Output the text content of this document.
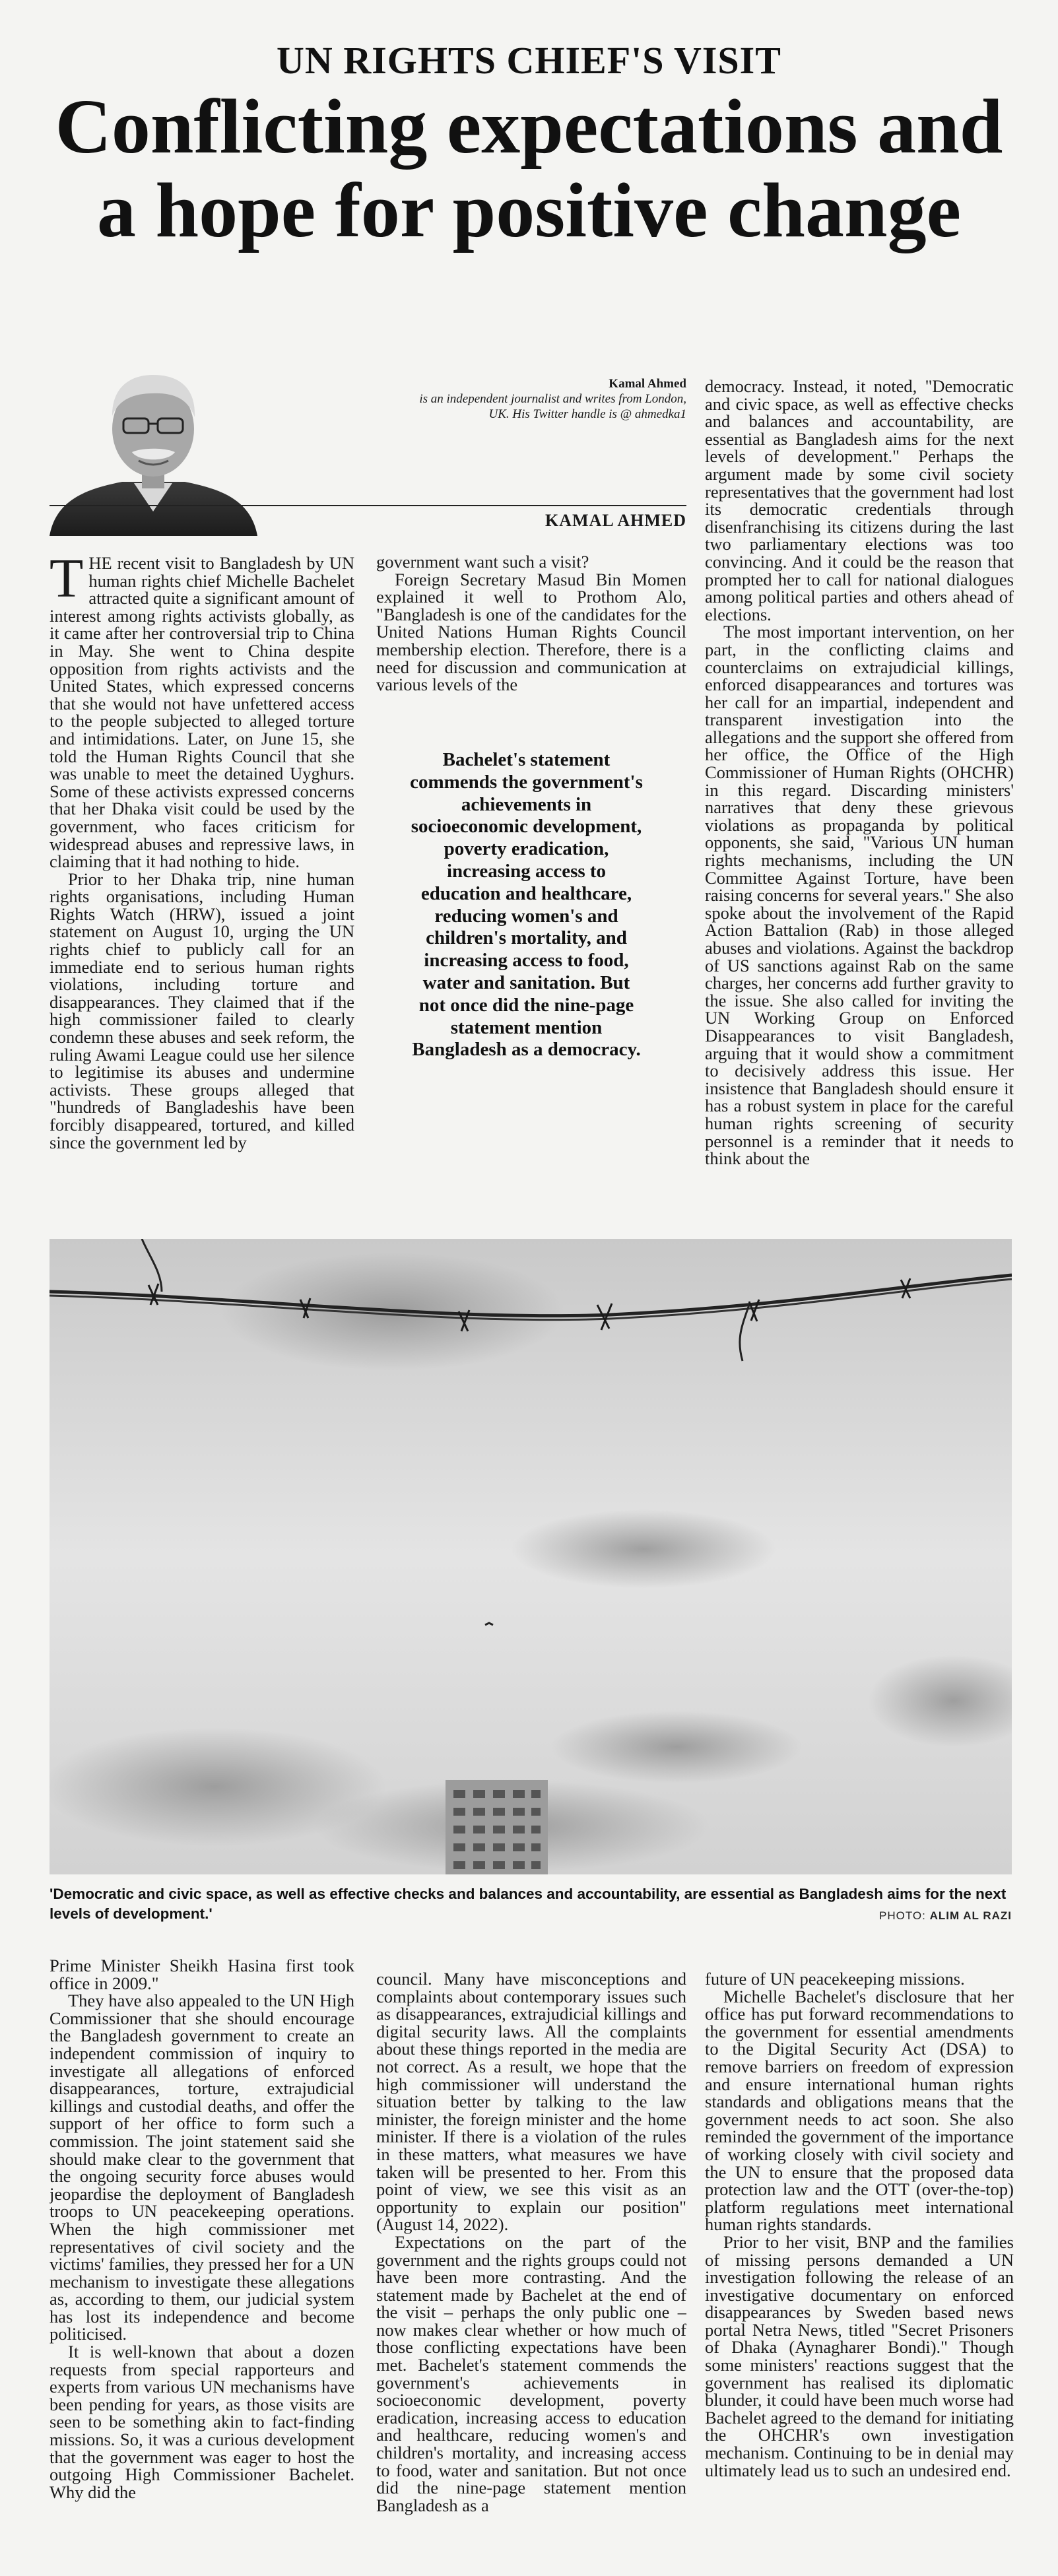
UN RIGHTS CHIEF'S VISIT
Conflicting expectations and a hope for positive change
Kamal Ahmed
is an independent journalist and writes from London, UK. His Twitter handle is @ ahmedka1
KAMAL AHMED

THE recent visit to Bangladesh by UN human rights chief Michelle Bachelet attracted quite a significant amount of interest among rights activists globally, as it came after her controversial trip to China in May. She went to China despite opposition from rights activists and the United States, which expressed concerns that she would not have unfettered access to the people subjected to alleged torture and intimidations. Later, on June 15, she told the Human Rights Council that she was unable to meet the detained Uyghurs. Some of these activists expressed concerns that her Dhaka visit could be used by the government, who faces criticism for widespread abuses and repressive laws, in claiming that it had nothing to hide.

Prior to her Dhaka trip, nine human rights organisations, including Human Rights Watch (HRW), issued a joint statement on August 10, urging the UN rights chief to publicly call for an immediate end to serious human rights violations, including torture and disappearances. They claimed that if the high commissioner failed to clearly condemn these abuses and seek reform, the ruling Awami League could use her silence to legitimise its abuses and undermine activists. These groups alleged that "hundreds of Bangladeshis have been forcibly disappeared, tortured, and killed since the government led by

government want such a visit?

Foreign Secretary Masud Bin Momen explained it well to Prothom Alo, "Bangladesh is one of the candidates for the United Nations Human Rights Council membership election. Therefore, there is a need for discussion and communication at various levels of the

Bachelet's statement commends the government's achievements in socioeconomic development, poverty eradication, increasing access to education and healthcare, reducing women's and children's mortality, and increasing access to food, water and sanitation. But not once did the nine-page statement mention Bangladesh as a democracy.

democracy. Instead, it noted, "Democratic and civic space, as well as effective checks and balances and accountability, are essential as Bangladesh aims for the next levels of development." Perhaps the argument made by some civil society representatives that the government had lost its democratic credentials through disenfranchising its citizens during the last two parliamentary elections was too convincing. And it could be the reason that prompted her to call for national dialogues among political parties and others ahead of elections.

The most important intervention, on her part, in the conflicting claims and counterclaims on extrajudicial killings, enforced disappearances and tortures was her call for an impartial, independent and transparent investigation into the allegations and the support she offered from her office, the Office of the High Commissioner of Human Rights (OHCHR) in this regard. Discarding ministers' narratives that deny these grievous violations as propaganda by political opponents, she said, "Various UN human rights mechanisms, including the UN Committee Against Torture, have been raising concerns for several years." She also spoke about the involvement of the Rapid Action Battalion (Rab) in those alleged abuses and violations. Against the backdrop of US sanctions against Rab on the same charges, her concerns add further gravity to the issue. She also called for inviting the UN Working Group on Enforced Disappearances to visit Bangladesh, arguing that it would show a commitment to decisively address this issue. Her insistence that Bangladesh should ensure it has a robust system in place for the careful human rights screening of security personnel is a reminder that it needs to think about the

'Democratic and civic space, as well as effective checks and balances and accountability, are essential as Bangladesh aims for the next levels of development.'	PHOTO: ALIM AL RAZI

Prime Minister Sheikh Hasina first took office in 2009."

They have also appealed to the UN High Commissioner that she should encourage the Bangladesh government to create an independent commission of inquiry to investigate all allegations of enforced disappearances, torture, extrajudicial killings and custodial deaths, and offer the support of her office to form such a commission. The joint statement said she should make clear to the government that the ongoing security force abuses would jeopardise the deployment of Bangladesh troops to UN peacekeeping operations. When the high commissioner met representatives of civil society and the victims' families, they pressed her for a UN mechanism to investigate these allegations as, according to them, our judicial system has lost its independence and become politicised.

It is well-known that about a dozen requests from special rapporteurs and experts from various UN mechanisms have been pending for years, as those visits are seen to be something akin to fact-finding missions. So, it was a curious development that the government was eager to host the outgoing High Commissioner Bachelet. Why did the

council. Many have misconceptions and complaints about contemporary issues such as disappearances, extrajudicial killings and digital security laws. All the complaints about these things reported in the media are not correct. As a result, we hope that the high commissioner will understand the situation better by talking to the law minister, the foreign minister and the home minister. If there is a violation of the rules in these matters, what measures we have taken will be presented to her. From this point of view, we see this visit as an opportunity to explain our position" (August 14, 2022).

Expectations on the part of the government and the rights groups could not have been more contrasting. And the statement made by Bachelet at the end of the visit – perhaps the only public one – now makes clear whether or how much of those conflicting expectations have been met. Bachelet's statement commends the government's achievements in socioeconomic development, poverty eradication, increasing access to education and healthcare, reducing women's and children's mortality, and increasing access to food, water and sanitation. But not once did the nine-page statement mention Bangladesh as a

future of UN peacekeeping missions.

Michelle Bachelet's disclosure that her office has put forward recommendations to the government for essential amendments to the Digital Security Act (DSA) to remove barriers on freedom of expression and ensure international human rights standards and obligations means that the government needs to act soon. She also reminded the government of the importance of working closely with civil society and the UN to ensure that the proposed data protection law and the OTT (over-the-top) platform regulations meet international human rights standards.

Prior to her visit, BNP and the families of missing persons demanded a UN investigation following the release of an investigative documentary on enforced disappearances by Sweden based news portal Netra News, titled "Secret Prisoners of Dhaka (Aynagharer Bondi)." Though some ministers' reactions suggest that the government has realised its diplomatic blunder, it could have been much worse had Bachelet agreed to the demand for initiating the OHCHR's own investigation mechanism. Continuing to be in denial may ultimately lead us to such an undesired end.
